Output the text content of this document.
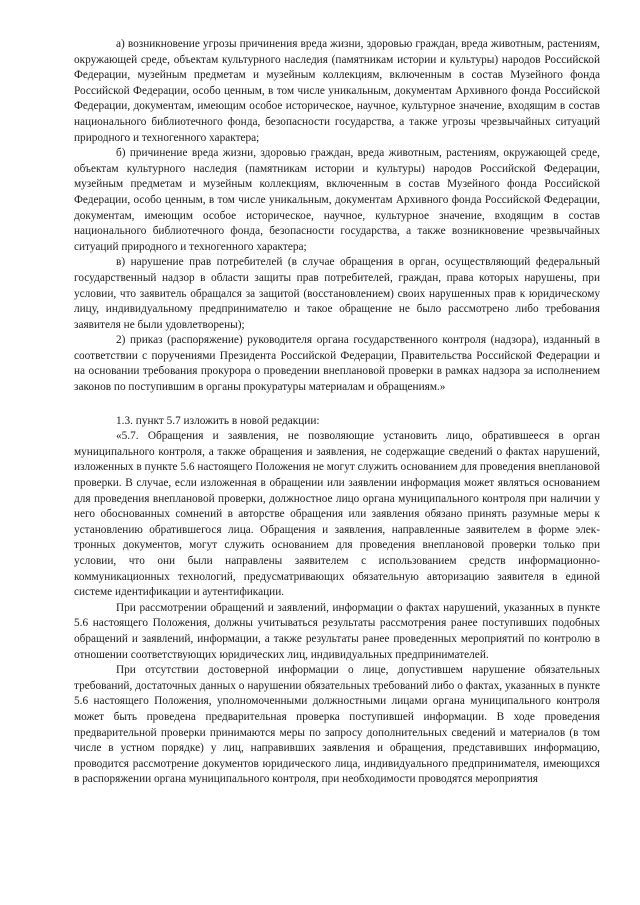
а) возникновение угрозы причинения вреда жизни, здоровью граждан, вреда животным, растениям, окружающей среде, объектам культурного наследия (памятникам истории и культуры) народов Российской Федерации, музейным предметам и музейным коллекциям, включенным в состав Музейного фонда Российской Федерации, особо ценным, в том числе уникальным, документам Архивного фонда Российской Федерации, документам, имеющим особое историческое, научное, культурное значение, входящим в состав национального библиотечного фонда, безопасности государства, а также угрозы чрезвычайных ситуаций природного и техногенного характера;

б) причинение вреда жизни, здоровью граждан, вреда животным, растениям, окружающей среде, объектам культурного наследия (памятникам истории и культуры) народов Российской Федерации, музейным предметам и музейным коллекциям, включенным в состав Музейного фонда Российской Федерации, особо ценным, в том числе уникальным, документам Архивного фонда Российской Федерации, документам, имеющим особое историческое, научное, культурное значение, входящим в состав национального библиотечного фонда, безопасности государства, а также возникновение чрезвычайных ситуаций природного и техногенного характера;

в) нарушение прав потребителей (в случае обращения в орган, осуществляющий федеральный государственный надзор в области защиты прав потребителей, граждан, права которых нарушены, при условии, что заявитель обращался за защитой (восстановлением) своих нарушенных прав к юридическому лицу, индивидуальному предпринимателю и такое обращение не было рассмотрено либо требования заявителя не были удовлетворены);

2) приказ (распоряжение) руководителя органа государственного контроля (надзора), изданный в соответствии с поручениями Президента Российской Федерации, Правительства Российской Федерации и на основании требования прокурора о проведении внеплановой проверки в рамках надзора за исполнением законов по поступившим в органы прокуратуры материалам и обращениям.»

1.3. пункт 5.7 изложить в новой редакции:

«5.7. Обращения и заявления, не позволяющие установить лицо, обратившееся в орган муниципального контроля, а также обращения и заявления, не содержащие сведений о фактах нарушений, изложенных в пункте 5.6 настоящего Положения не могут служить основанием для проведения внеплановой проверки. В случае, если изложенная в обращении или заявлении информация может являться основанием для проведения внеплановой проверки, должностное лицо органа муниципального контроля при наличии у него обоснованных сомнений в авторстве обращения или заявления обязано принять разумные меры к установлению обратившегося лица. Обращения и заявления, направленные заявителем в форме электронных документов, могут служить основанием для проведения внеплановой проверки только при условии, что они были направлены заявителем с использованием средств информационно-коммуникационных технологий, предусматривающих обязательную авторизацию заявителя в единой системе идентификации и аутентификации.

При рассмотрении обращений и заявлений, информации о фактах нарушений, указанных в пункте 5.6 настоящего Положения, должны учитываться результаты рассмотрения ранее поступивших подобных обращений и заявлений, информации, а также результаты ранее проведенных мероприятий по контролю в отношении соответствующих юридических лиц, индивидуальных предпринимателей.

При отсутствии достоверной информации о лице, допустившем нарушение обязательных требований, достаточных данных о нарушении обязательных требований либо о фактах, указанных в пункте 5.6 настоящего Положения, уполномоченными должностными лицами органа муниципального контроля может быть проведена предварительная проверка поступившей информации. В ходе проведения предварительной проверки принимаются меры по запросу дополнительных сведений и материалов (в том числе в устном порядке) у лиц, направивших заявления и обращения, представивших информацию, проводится рассмотрение документов юридического лица, индивидуального предпринимателя, имеющихся в распоряжении органа муниципального контроля, при необходимости проводятся мероприятия
